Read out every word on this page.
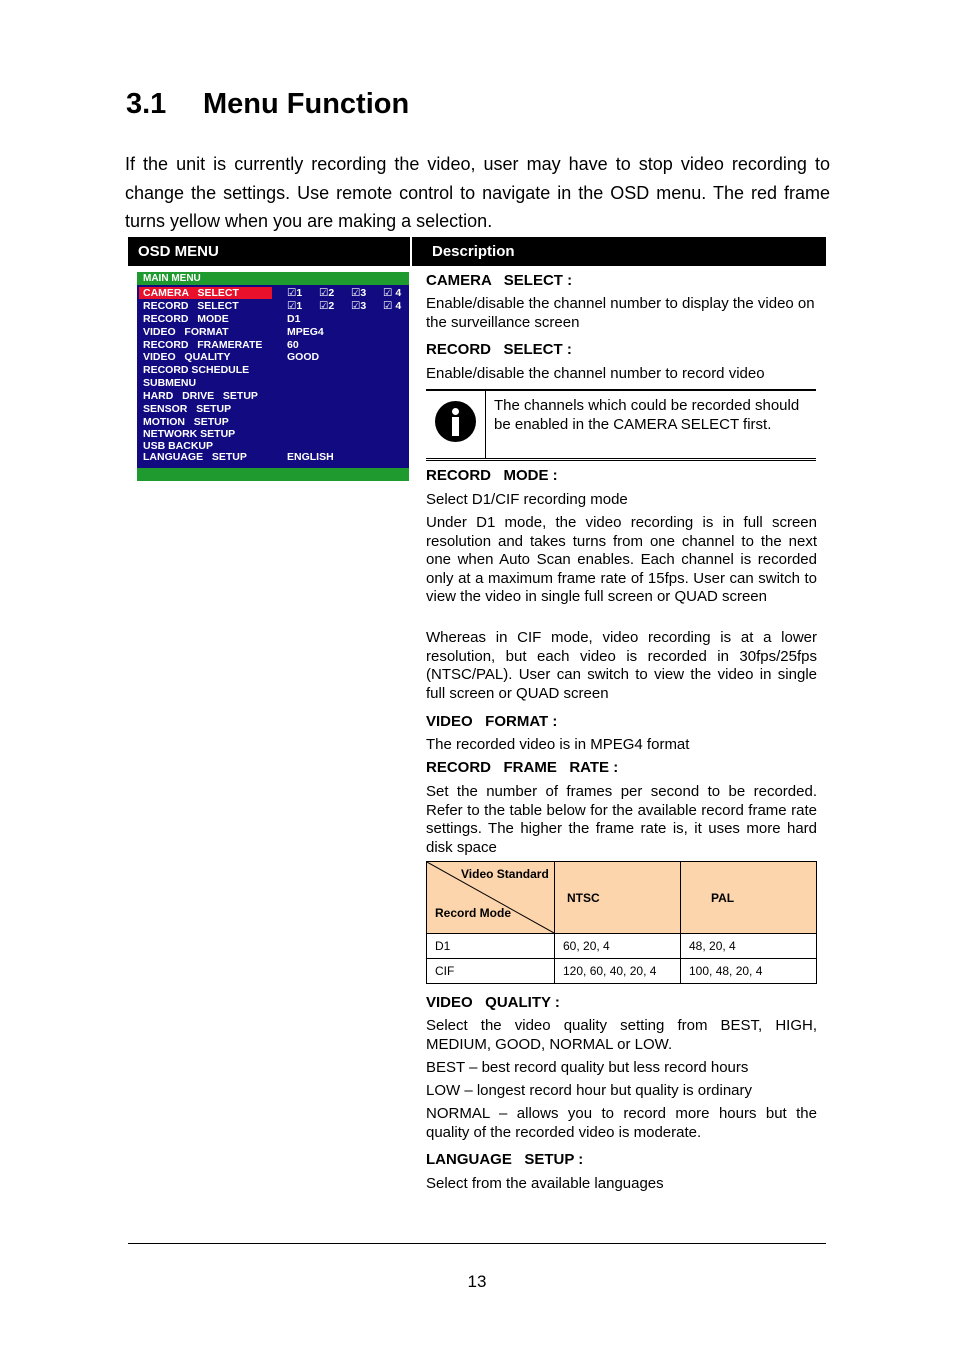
3.1 Menu Function
If the unit is currently recording the video, user may have to stop video recording to change the settings. Use remote control to navigate in the OSD menu. The red frame turns yellow when you are making a selection.
OSD MENU	Description
MAIN MENU
CAMERA   SELECT	☑1 ☑2 ☑3 ☑ 4
RECORD   SELECT	☑1 ☑2 ☑3 ☑ 4
RECORD   MODE	D1
VIDEO   FORMAT	MPEG4
RECORD   FRAMERATE 60
VIDEO   QUALITY	GOOD
RECORD SCHEDULE
SUBMENU
HARD   DRIVE   SETUP
SENSOR   SETUP
MOTION   SETUP
NETWORK SETUP
USB BACKUP
LANGUAGE   SETUP	ENGLISH
CAMERA   SELECT :
Enable/disable the channel number to display the video on the surveillance screen
RECORD   SELECT :
Enable/disable the channel number to record video
The channels which could be recorded should be enabled in the CAMERA SELECT first.
RECORD   MODE :
Select D1/CIF recording mode
Under D1 mode, the video recording is in full screen resolution and takes turns from one channel to the next one when Auto Scan enables. Each channel is recorded only at a maximum frame rate of 15fps. User can switch to view the video in single full screen or QUAD screen
Whereas in CIF mode, video recording is at a lower resolution, but each video is recorded in 30fps/25fps (NTSC/PAL). User can switch to view the video in single full screen or QUAD screen
VIDEO   FORMAT :
The recorded video is in MPEG4 format
RECORD   FRAME   RATE :
Set the number of frames per second to be recorded. Refer to the table below for the available record frame rate settings. The higher the frame rate is, it uses more hard disk space
Video Standard
Record Mode	NTSC	PAL
D1	60, 20, 4	48, 20, 4
CIF	120, 60, 40, 20, 4	100, 48, 20, 4
VIDEO   QUALITY :
Select the video quality setting from BEST, HIGH, MEDIUM, GOOD, NORMAL or LOW.
BEST – best record quality but less record hours
LOW – longest record hour but quality is ordinary
NORMAL – allows you to record more hours but the quality of the recorded video is moderate.
LANGUAGE   SETUP :
Select from the available languages
13
